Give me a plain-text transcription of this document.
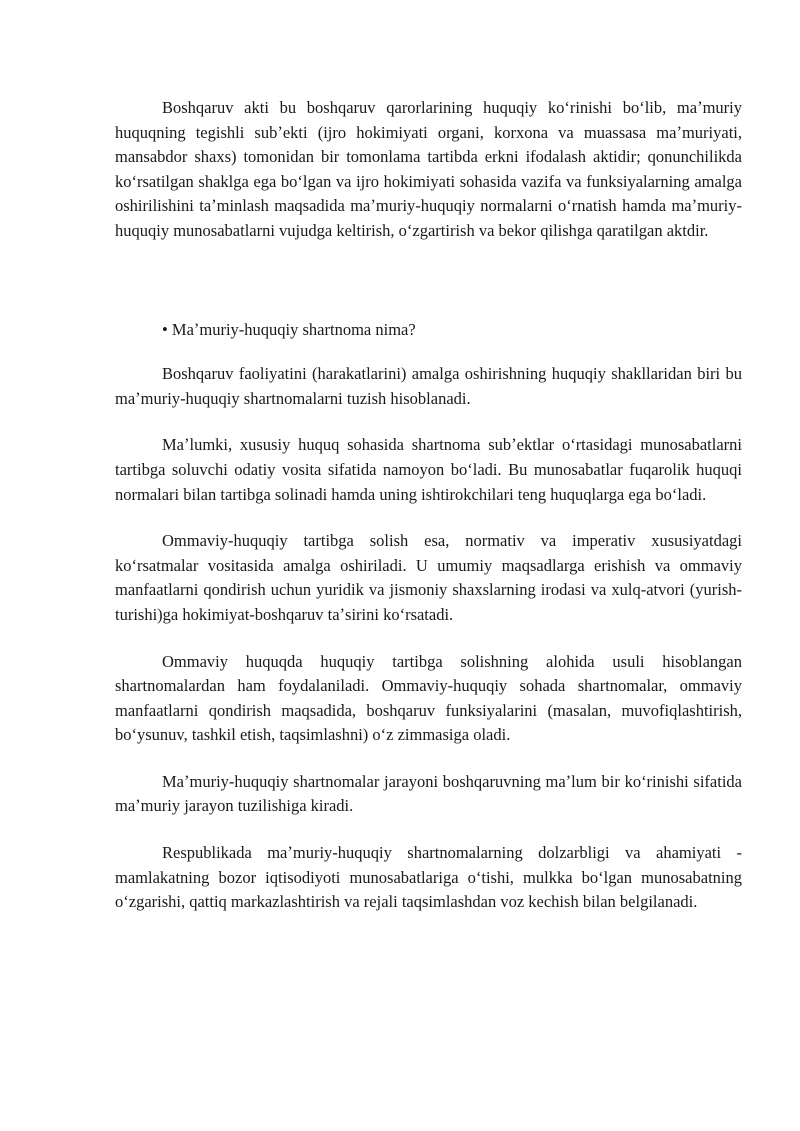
Boshqaruv akti bu boshqaruv qarorlarining huquqiy koʻrinishi boʻlib, maʼmuriy huquqning tegishli subʼekti (ijro hokimiyati organi, korxona va muassasa maʼmuriyati, mansabdor shaxs) tomonidan bir tomonlama tartibda erkni ifodalash aktidir; qonunchilikda koʻrsatilgan shaklga ega boʻlgan va ijro hokimiyati sohasida vazifa va funksiyalarning amalga oshirilishini taʼminlash maqsadida maʼmuriy-huquqiy normalarni oʻrnatish hamda maʼmuriy-huquqiy munosabatlarni vujudga keltirish, oʻzgartirish va bekor qilishga qaratilgan aktdir.

• Maʼmuriy-huquqiy shartnoma nima?

Boshqaruv faoliyatini (harakatlarini) amalga oshirishning huquqiy shakllaridan biri bu maʼmuriy-huquqiy shartnomalarni tuzish hisoblanadi.

Maʼlumki, xususiy huquq sohasida shartnoma subʼektlar oʻrtasidagi munosabatlarni tartibga soluvchi odatiy vosita sifatida namoyon boʻladi. Bu munosabatlar fuqarolik huquqi normalari bilan tartibga solinadi hamda uning ishtirokchilari teng huquqlarga ega boʻladi.

Ommaviy-huquqiy tartibga solish esa, normativ va imperativ xususiyatdagi koʻrsatmalar vositasida amalga oshiriladi. U umumiy maqsadlarga erishish va ommaviy manfaatlarni qondirish uchun yuridik va jismoniy shaxslarning irodasi va xulq-atvori (yurish-turishi)ga hokimiyat-boshqaruv taʼsirini koʻrsatadi.

Ommaviy huquqda huquqiy tartibga solishning alohida usuli hisoblangan shartnomalardan ham foydalaniladi. Ommaviy-huquqiy sohada shartnomalar, ommaviy manfaatlarni qondirish maqsadida, boshqaruv funksiyalarini (masalan, muvofiqlashtirish, boʻysunuv, tashkil etish, taqsimlashni) oʻz zimmasiga oladi.

Maʼmuriy-huquqiy shartnomalar jarayoni boshqaruvning maʼlum bir koʻrinishi sifatida maʼmuriy jarayon tuzilishiga kiradi.

Respublikada maʼmuriy-huquqiy shartnomalarning dolzarbligi va ahamiyati - mamlakatning bozor iqtisodiyoti munosabatlariga oʻtishi, mulkka boʻlgan munosabatning oʻzgarishi, qattiq markazlashtirish va rejali taqsimlashdan voz kechish bilan belgilanadi.
